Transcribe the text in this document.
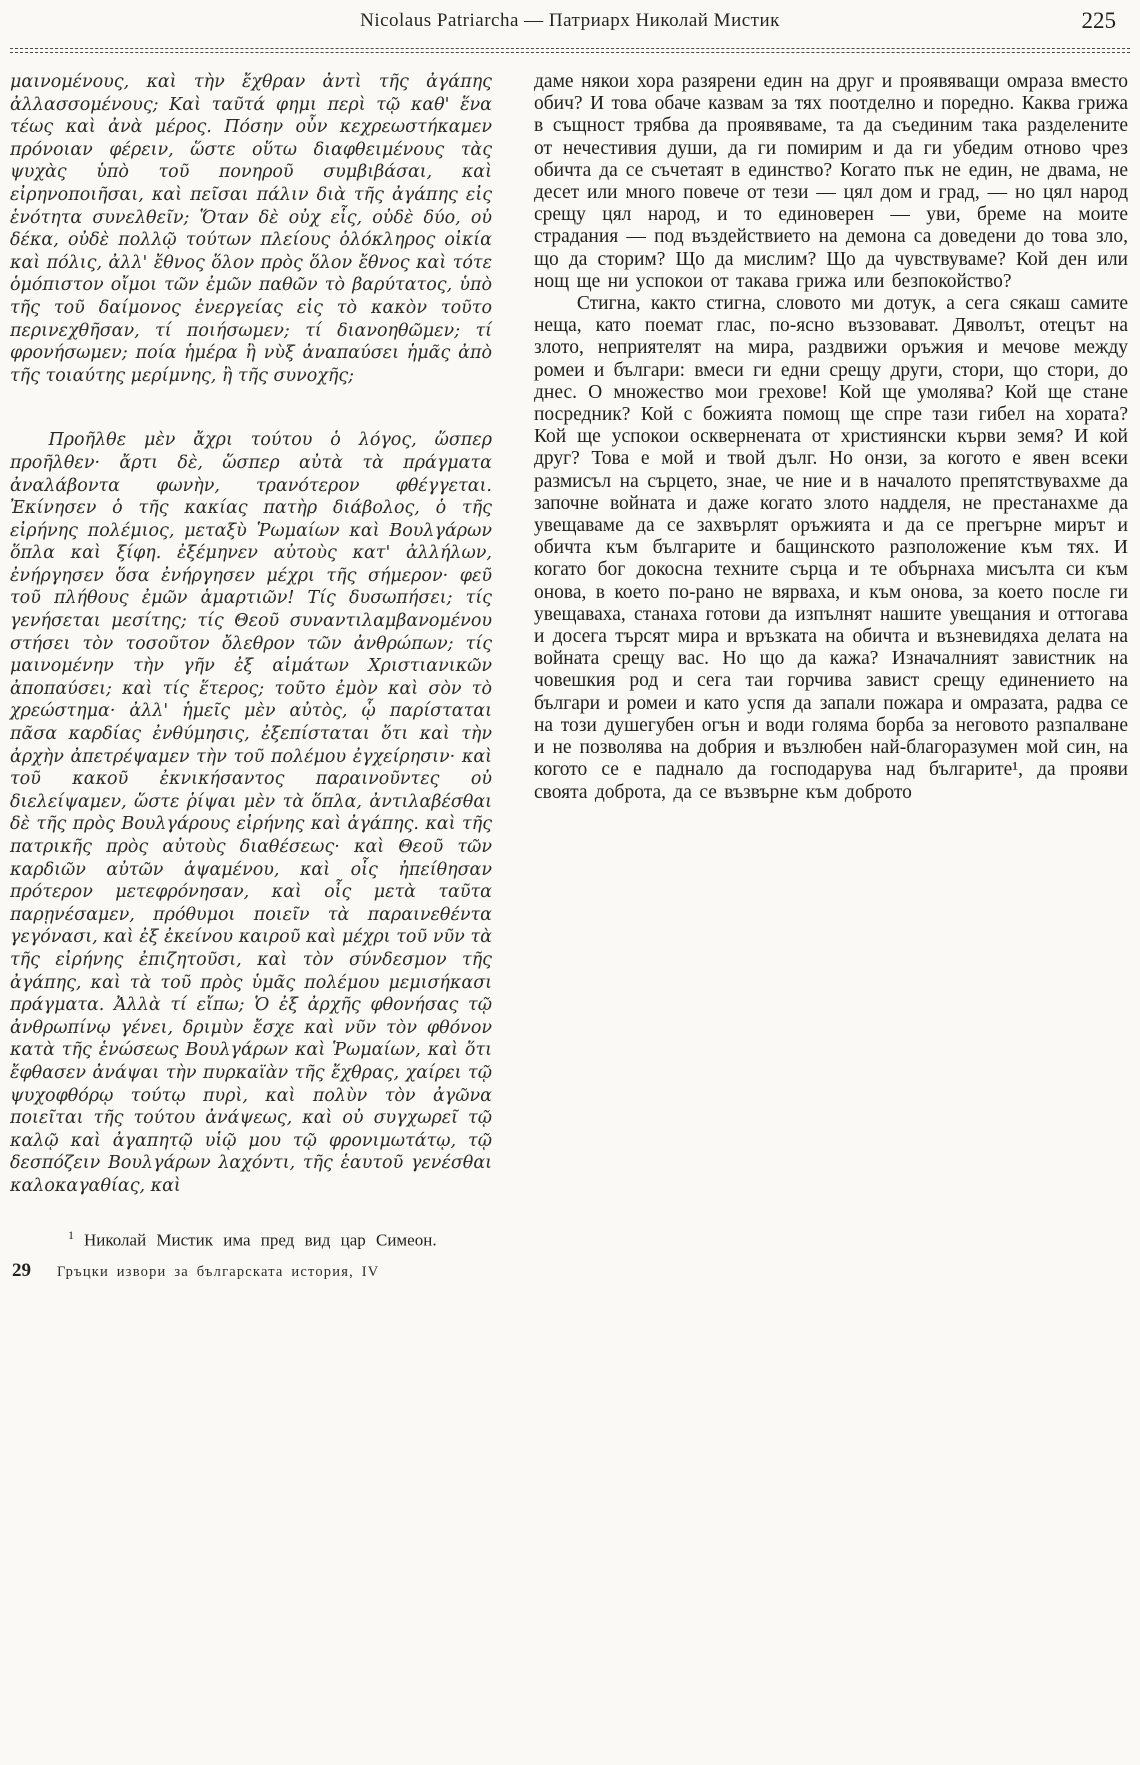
Nicolaus Patriarcha — Патриарх Николай Мистик	225

μαινομένους, καὶ τὴν ἔχθραν ἀντὶ τῆς ἀγάπης ἀλλασσομένους; Καὶ ταῦτά φημι περὶ τῷ καθ' ἕνα τέως καὶ ἀνὰ μέρος. Πόσην οὖν κεχρεωστήκαμεν πρόνοιαν φέρειν, ὥστε οὕτω διαφθειμένους τὰς ψυχὰς ὑπὸ τοῦ πονηροῦ συμβιβάσαι, καὶ εἰρηνοποιῆσαι, καὶ πεῖσαι πάλιν διὰ τῆς ἀγάπης εἰς ἑνότητα συνελθεῖν; Ὅταν δὲ οὐχ εἷς, οὐδὲ δύο, οὐ δέκα, οὐδὲ πολλῷ τούτων πλείους ὁλόκληρος οἰκία καὶ πόλις, ἀλλ' ἔθνος ὅλον πρὸς ὅλον ἔθνος καὶ τότε ὁμόπιστον οἴμοι τῶν ἐμῶν παθῶν τὸ βαρύτατος, ὑπὸ τῆς τοῦ δαίμονος ἐνεργείας εἰς τὸ κακὸν τοῦτο περινεχθῆσαν, τί ποιήσωμεν; τί διανοηθῶμεν; τί φρονήσωμεν; ποία ἡμέρα ἢ νὺξ ἀναπαύσει ἡμᾶς ἀπὸ τῆς τοιαύτης μερίμνης, ἢ τῆς συνοχῆς;

Προῆλθε μὲν ἄχρι τούτου ὁ λόγος, ὥσπερ προῆλθεν· ἄρτι δὲ, ὥσπερ αὐτὰ τὰ πράγματα ἀναλάβοντα φωνὴν, τρανότερον φθέγγεται. Ἐκίνησεν ὁ τῆς κακίας πατὴρ διάβολος, ὁ τῆς εἰρήνης πολέμιος, μεταξὺ Ῥωμαίων καὶ Βουλγάρων ὅπλα καὶ ξίφη. ἐξέμηνεν αὐτοὺς κατ' ἀλλήλων, ἐνήργησεν ὅσα ἐνήργησεν μέχρι τῆς σήμερον· φεῦ τοῦ πλήθους ἐμῶν ἁμαρτιῶν! Τίς δυσωπήσει; τίς γενήσεται μεσίτης; τίς Θεοῦ συναντιλαμβανομένου στήσει τὸν τοσοῦτον ὄλεθρον τῶν ἀνθρώπων; τίς μαινομένην τὴν γῆν ἐξ αἱμάτων Χριστιανικῶν ἀποπαύσει; καὶ τίς ἕτερος; τοῦτο ἐμὸν καὶ σὸν τὸ χρεώστημα· ἀλλ' ἡμεῖς μὲν αὐτὸς, ᾧ παρίσταται πᾶσα καρδίας ἐνθύμησις, ἐξεπίσταται ὅτι καὶ τὴν ἀρχὴν ἀπετρέψαμεν τὴν τοῦ πολέμου ἐγχείρησιν· καὶ τοῦ κακοῦ ἐκνικήσαντος παραινοῦντες οὐ διελείψαμεν, ὥστε ῥίψαι μὲν τὰ ὅπλα, ἀντιλαβέσθαι δὲ τῆς πρὸς Βουλγάρους εἰρήνης καὶ ἀγάπης. καὶ τῆς πατρικῆς πρὸς αὐτοὺς διαθέσεως· καὶ Θεοῦ τῶν καρδιῶν αὐτῶν ἁψαμένου, καὶ οἷς ἠπείθησαν πρότερον μετεφρόνησαν, καὶ οἷς μετὰ ταῦτα παρῃνέσαμεν, πρόθυμοι ποιεῖν τὰ παραινεθέντα γεγόνασι, καὶ ἐξ ἐκείνου καιροῦ καὶ μέχρι τοῦ νῦν τὰ τῆς εἰρήνης ἐπιζητοῦσι, καὶ τὸν σύνδεσμον τῆς ἀγάπης, καὶ τὰ τοῦ πρὸς ὑμᾶς πολέμου μεμισήκασι πράγματα. Ἀλλὰ τί εἴπω; Ὁ ἐξ ἀρχῆς φθονήσας τῷ ἀνθρωπίνῳ γένει, δριμὺν ἔσχε καὶ νῦν τὸν φθόνον κατὰ τῆς ἑνώσεως Βουλγάρων καὶ Ῥωμαίων, καὶ ὅτι ἔφθασεν ἀνάψαι τὴν πυρκαϊὰν τῆς ἔχθρας, χαίρει τῷ ψυχοφθόρῳ τούτῳ πυρὶ, καὶ πολὺν τὸν ἀγῶνα ποιεῖται τῆς τούτου ἀνάψεως, καὶ οὐ συγχωρεῖ τῷ καλῷ καὶ ἀγαπητῷ υἱῷ μου τῷ φρονιμωτάτῳ, τῷ δεσπόζειν Βουλγάρων λαχόντι, τῆς ἑαυτοῦ γενέσθαι καλοκαγαθίας, καὶ

даме някои хора разярени един на друг и проявяващи омраза вместо обич? И това обаче казвам за тях поотделно и поредно. Каква грижа в същност трябва да проявяваме, та да съединим така разделените от нечестивия души, да ги помирим и да ги убедим отново чрез обичта да се съчетаят в единство? Когато пък не един, не двама, не десет или много повече от тези — цял дом и град, — но цял народ срещу цял народ, и то единоверен — уви, бреме на моите страдания — под въздействието на демона са доведени до това зло, що да сторим? Що да мислим? Що да чувствуваме? Кой ден или нощ ще ни успокои от такава грижа или безпокойство?

Стигна, както стигна, словото ми дотук, а сега сякаш самите неща, като поемат глас, по-ясно въззовават. Дяволът, отецът на злото, неприятелят на мира, раздвижи оръжия и мечове между ромеи и българи: вмеси ги едни срещу други, стори, що стори, до днес. О множество мои грехове! Кой ще умолява? Кой ще стане посредник? Кой с божията помощ ще спре тази гибел на хората? Кой ще успокои осквернената от християнски кърви земя? И кой друг? Това е мой и твой дълг. Но онзи, за когото е явен всеки размисъл на сърцето, знае, че ние и в началото препятствувахме да започне войната и даже когато злото надделя, не престанахме да увещаваме да се захвърлят оръжията и да се прегърне мирът и обичта към българите и бащинското разположение към тях. И когато бог докосна техните сърца и те обърнаха мисълта си към онова, в което по-рано не вярваха, и към онова, за което после ги увещаваха, станаха готови да изпълнят нашите увещания и оттогава и досега търсят мира и връзката на обичта и възневидяха делата на войната срещу вас. Но що да кажа? Изначалният завистник на човешкия род и сега таи горчива завист срещу единението на българи и ромеи и като успя да запали пожара и омразата, радва се на този душегубен огън и води голяма борба за неговото разпалване и не позволява на добрия и възлюбен най-благоразумен мой син, на когото се е паднало да господарува над българите¹, да прояви своята доброта, да се възвърне към доброто

$^1$ Николай Мистик има пред вид цар Симеон.
29 Гръцки извори за българската история, IV
